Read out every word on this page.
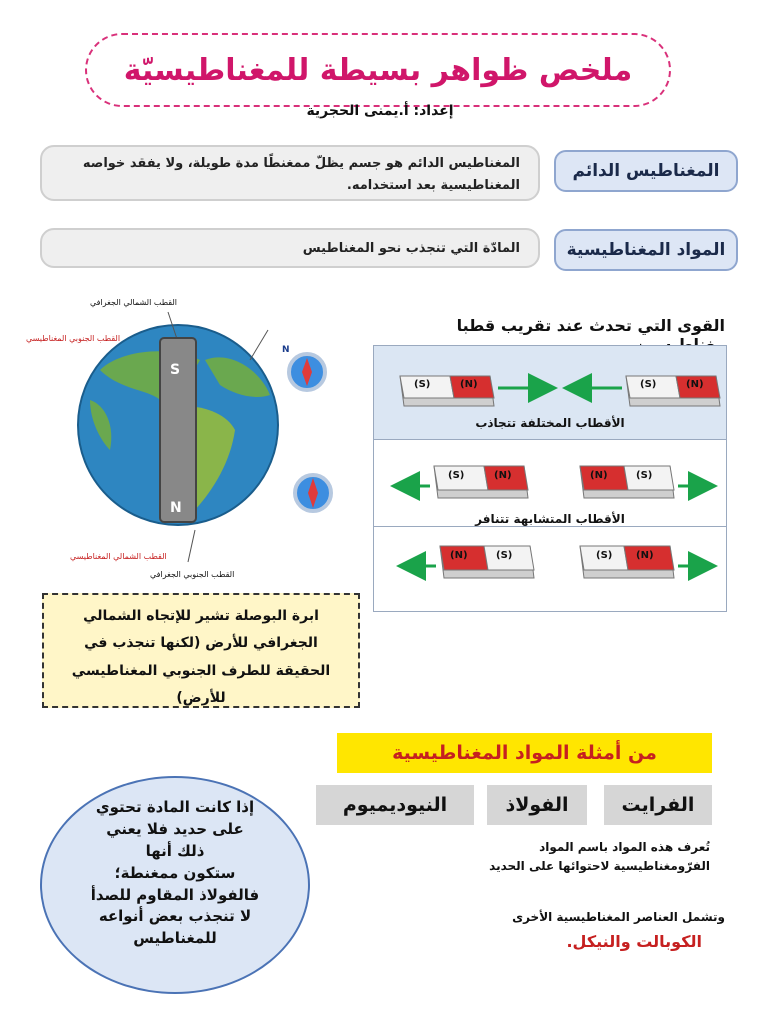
ملخص ظواهر بسيطة للمغناطيسيّة
إعداد: أ.يمنى الحجرية
المغناطيس الدائم
المغناطيس الدائم هو جسم يظلّ ممغنطًا مدة طويلة، ولا يفقد خواصه المغناطيسية بعد استخدامه.
المواد المغناطيسية
المادّة التي تنجذب نحو المغناطيس
القوى التي تحدث عند تقريب قطبا
(S)	(N)	(S)	(N)
(S)	(N)	(N)	(S)
(N)	(S)	(S) (N)
الأقطاب المختلفة تتجاذب
الأقطاب المتشابهة تتنافر
S
N
N
القطب الشمالي الجغرافي
القطب الجنوبي المغناطيسي
القطب الشمالي المغناطيسي
القطب الجنوبي الجغرافي
ابرة البوصلة تشير للإتجاه الشمالي الجغرافي للأرض (لكنها تنجذب في الحقيقة للطرف الجنوبي المغناطيسي للأرض)
من أمثلة المواد المغناطيسية
الفرايت
الفولاذ
النيوديميوم
تُعرف هذه المواد باسم المواد
الفرّومغناطيسية لاحتوائها على الحديد
وتشمل العناصر المغناطيسية الأخرى
الكوبالت والنيكل.
إذا كانت المادة تحتوي
على حديد فلا يعني
ذلك أنها
ستكون ممغنطة؛
فالفولاذ المقاوم للصدأ
لا تنجذب بعض أنواعه
للمغناطيس
